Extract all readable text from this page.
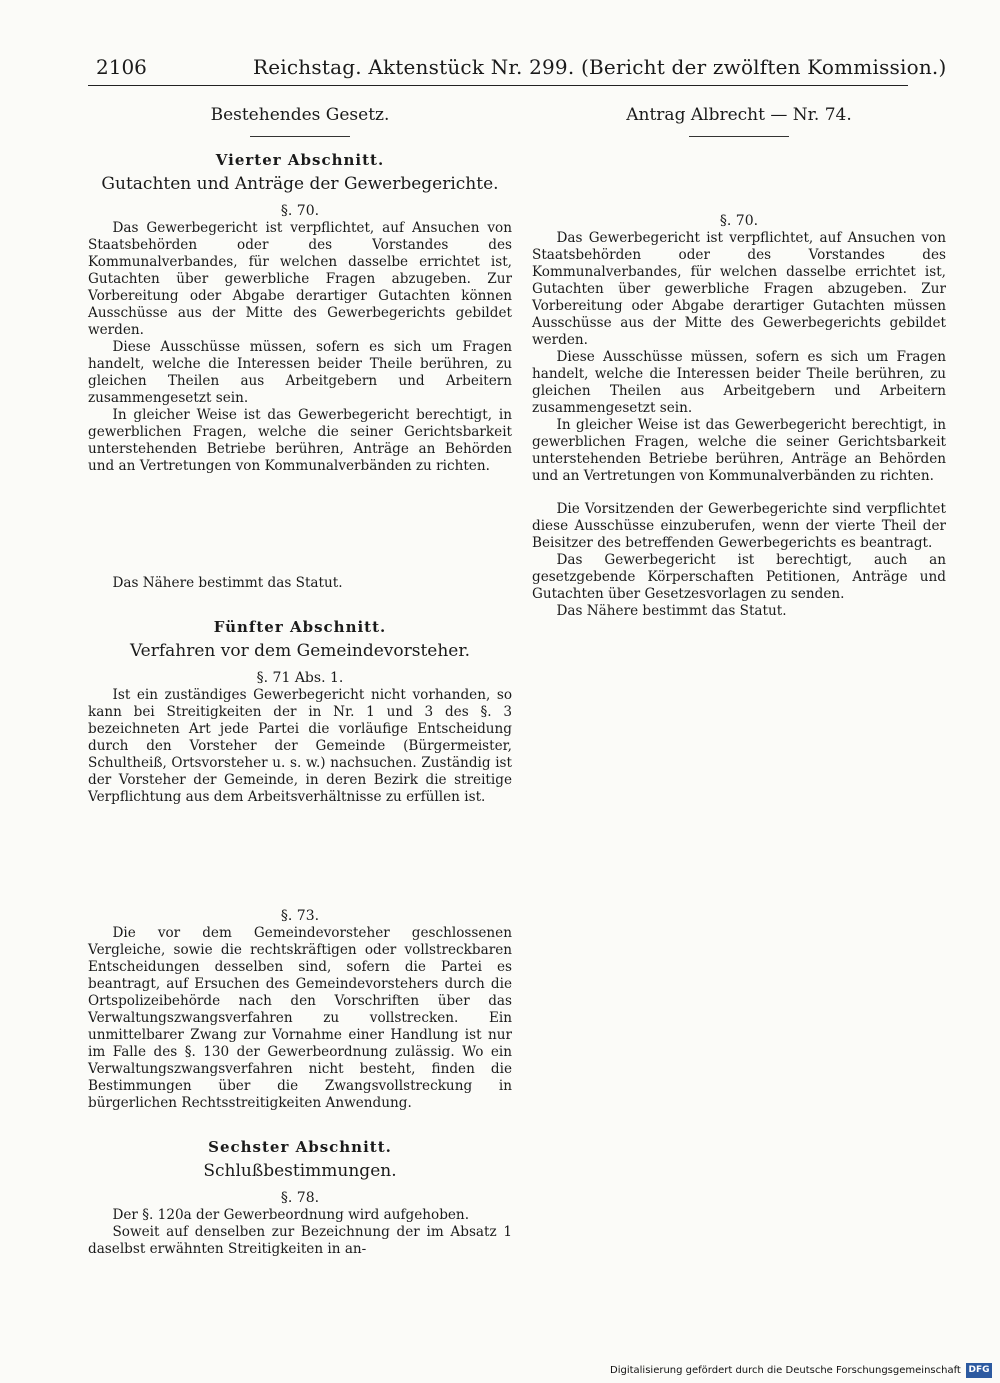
2106	Reichstag. Aktenstück Nr. 299. (Bericht der zwölften Kommission.)
Bestehendes Gesetz.
Vierter Abschnitt.
Gutachten und Anträge der Gewerbegerichte.
§. 70.

Das Gewerbegericht ist verpflichtet, auf Ansuchen von Staatsbehörden oder des Vorstandes des Kommunalverbandes, für welchen dasselbe errichtet ist, Gutachten über gewerbliche Fragen abzugeben. Zur Vorbereitung oder Abgabe derartiger Gutachten können Ausschüsse aus der Mitte des Gewerbegerichts gebildet werden.

Diese Ausschüsse müssen, sofern es sich um Fragen handelt, welche die Interessen beider Theile berühren, zu gleichen Theilen aus Arbeitgebern und Arbeitern zusammengesetzt sein.

In gleicher Weise ist das Gewerbegericht berechtigt, in gewerblichen Fragen, welche die seiner Gerichtsbarkeit unterstehenden Betriebe berühren, Anträge an Behörden und an Vertretungen von Kommunalverbänden zu richten.

Das Nähere bestimmt das Statut.

Fünfter Abschnitt.
Verfahren vor dem Gemeindevorsteher.
§. 71 Abs. 1.

Ist ein zuständiges Gewerbegericht nicht vorhanden, so kann bei Streitigkeiten der in Nr. 1 und 3 des §. 3 bezeichneten Art jede Partei die vorläufige Entscheidung durch den Vorsteher der Gemeinde (Bürgermeister, Schultheiß, Ortsvorsteher u. s. w.) nachsuchen. Zuständig ist der Vorsteher der Gemeinde, in deren Bezirk die streitige Verpflichtung aus dem Arbeitsverhältnisse zu erfüllen ist.

§. 73.

Die vor dem Gemeindevorsteher geschlossenen Vergleiche, sowie die rechtskräftigen oder vollstreckbaren Entscheidungen desselben sind, sofern die Partei es beantragt, auf Ersuchen des Gemeindevorstehers durch die Ortspolizeibehörde nach den Vorschriften über das Verwaltungszwangsverfahren zu vollstrecken. Ein unmittelbarer Zwang zur Vornahme einer Handlung ist nur im Falle des §. 130 der Gewerbeordnung zulässig. Wo ein Verwaltungszwangsverfahren nicht besteht, finden die Bestimmungen über die Zwangsvollstreckung in bürgerlichen Rechtsstreitigkeiten Anwendung.

Sechster Abschnitt.
Schlußbestimmungen.
§. 78.

Der §. 120a der Gewerbeordnung wird aufgehoben.

Soweit auf denselben zur Bezeichnung der im Absatz 1 daselbst erwähnten Streitigkeiten in an-

Antrag Albrecht — Nr. 74.
§. 70.

Das Gewerbegericht ist verpflichtet, auf Ansuchen von Staatsbehörden oder des Vorstandes des Kommunalverbandes, für welchen dasselbe errichtet ist, Gutachten über gewerbliche Fragen abzugeben. Zur Vorbereitung oder Abgabe derartiger Gutachten müssen Ausschüsse aus der Mitte des Gewerbegerichts gebildet werden.

Diese Ausschüsse müssen, sofern es sich um Fragen handelt, welche die Interessen beider Theile berühren, zu gleichen Theilen aus Arbeitgebern und Arbeitern zusammengesetzt sein.

In gleicher Weise ist das Gewerbegericht berechtigt, in gewerblichen Fragen, welche die seiner Gerichtsbarkeit unterstehenden Betriebe berühren, Anträge an Behörden und an Vertretungen von Kommunalverbänden zu richten.

Die Vorsitzenden der Gewerbegerichte sind verpflichtet diese Ausschüsse einzuberufen, wenn der vierte Theil der Beisitzer des betreffenden Gewerbegerichts es beantragt.

Das Gewerbegericht ist berechtigt, auch an gesetzgebende Körperschaften Petitionen, Anträge und Gutachten über Gesetzesvorlagen zu senden.

Das Nähere bestimmt das Statut.

Digitalisierung gefördert durch die Deutsche Forschungsgemeinschaft DFG
